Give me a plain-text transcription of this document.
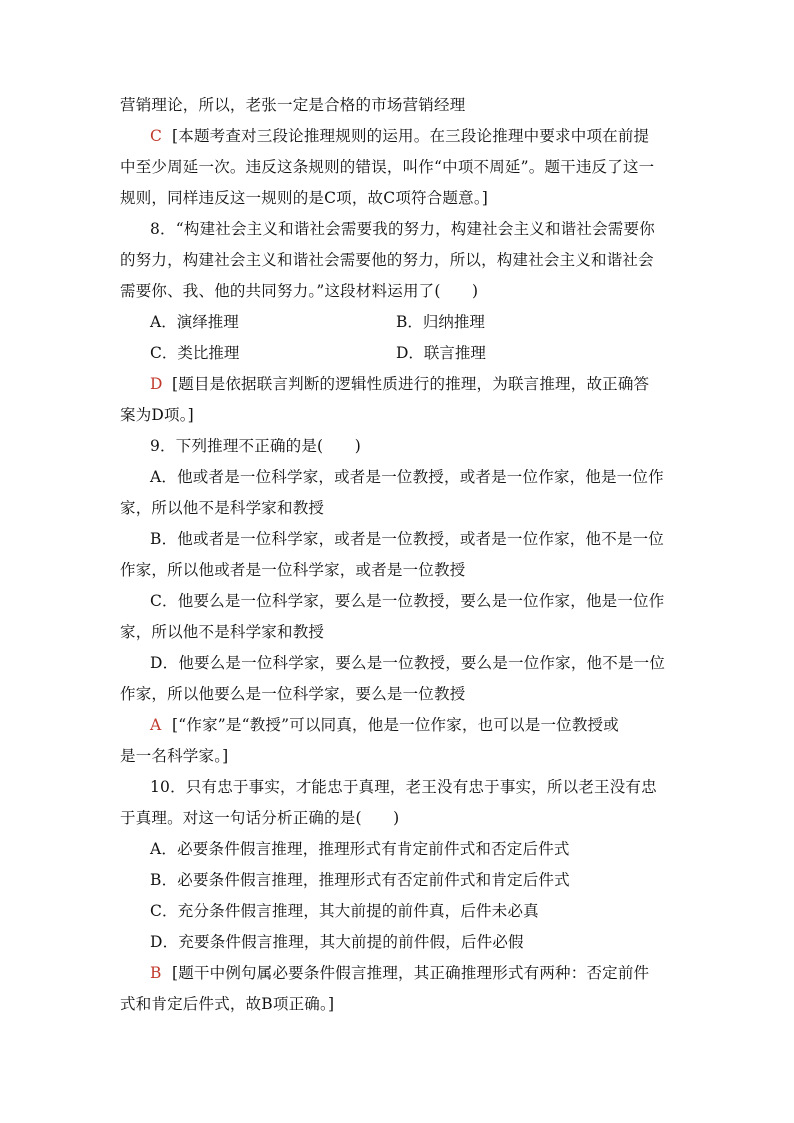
营销理论，所以，老张一定是合格的市场营销经理
C [本题考查对三段论推理规则的运用。在三段论推理中要求中项在前提
中至少周延一次。违反这条规则的错误，叫作“中项不周延”。题干违反了这一
规则，同样违反这一规则的是C项，故C项符合题意。]
8．“构建社会主义和谐社会需要我的努力，构建社会主义和谐社会需要你
的努力，构建社会主义和谐社会需要他的努力，所以，构建社会主义和谐社会
需要你、我、他的共同努力。”这段材料运用了(　　)
A．演绎推理	B．归纳推理
C．类比推理	D．联言推理
D [题目是依据联言判断的逻辑性质进行的推理，为联言推理，故正确答
案为D项。]
9．下列推理不正确的是(　　)
A．他或者是一位科学家，或者是一位教授，或者是一位作家，他是一位作
家，所以他不是科学家和教授
B．他或者是一位科学家，或者是一位教授，或者是一位作家，他不是一位
作家，所以他或者是一位科学家，或者是一位教授
C．他要么是一位科学家，要么是一位教授，要么是一位作家，他是一位作
家，所以他不是科学家和教授
D．他要么是一位科学家，要么是一位教授，要么是一位作家，他不是一位
作家，所以他要么是一位科学家，要么是一位教授
A [“作家”是“教授”可以同真，他是一位作家，也可以是一位教授或
是一名科学家。]
10．只有忠于事实，才能忠于真理，老王没有忠于事实，所以老王没有忠
于真理。对这一句话分析正确的是(　　)
A．必要条件假言推理，推理形式有肯定前件式和否定后件式
B．必要条件假言推理，推理形式有否定前件式和肯定后件式
C．充分条件假言推理，其大前提的前件真，后件未必真
D．充要条件假言推理，其大前提的前件假，后件必假
B [题干中例句属必要条件假言推理，其正确推理形式有两种：否定前件
式和肯定后件式，故B项正确。]
